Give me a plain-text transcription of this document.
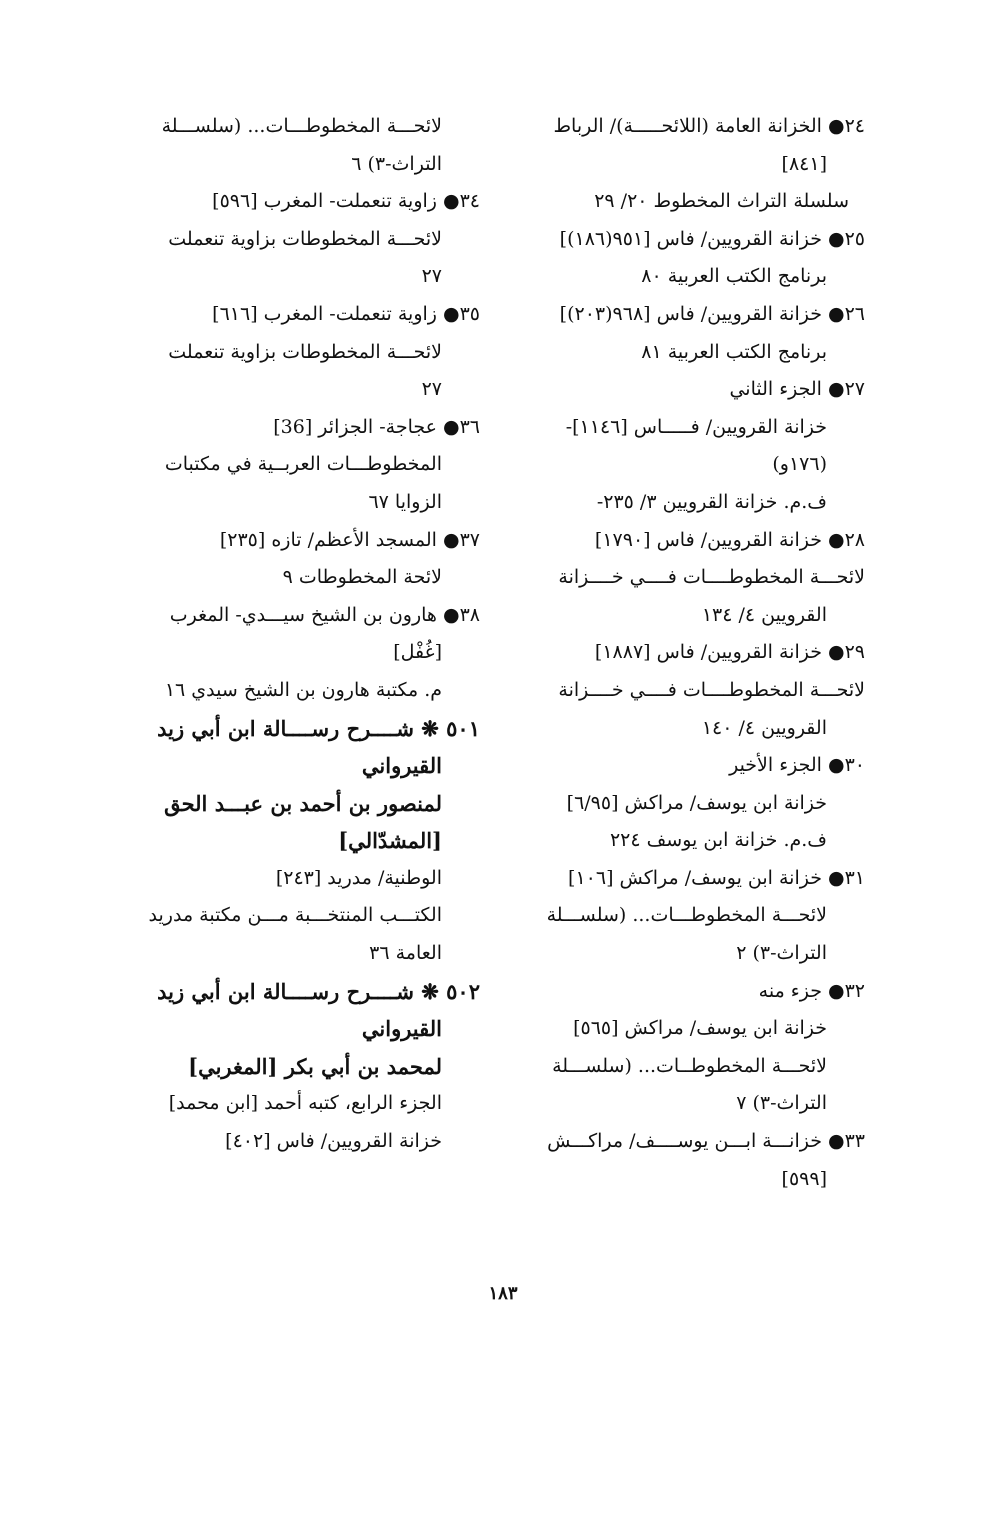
٢٤● الخزانة العامة (اللائحـــــة)/ الرباط
[٨٤١]
سلسلة التراث المخطوط ٢٠/ ٢٩
٢٥● خزانة القرويين/ فاس [٩٥١(١٨٦)]
برنامج الكتب العربية ٨٠
٢٦● خزانة القرويين/ فاس [٩٦٨(٢٠٣)]
برنامج الكتب العربية ٨١
٢٧● الجزء الثاني
خزانة القرويين/ فـــــاس [١١٤٦]-
(١٧٦و)
ف.م. خزانة القرويين ٣/ ٢٣٥-
٢٨● خزانة القرويين/ فاس [١٧٩٠]
لائحـــة المخطوطــــات فــــي خــــزانة
القرويين ٤/ ١٣٤
٢٩● خزانة القرويين/ فاس [١٨٨٧]
لائحـــة المخطوطــــات فــــي خــــزانة
القرويين ٤/ ١٤٠
٣٠● الجزء الأخير
خزانة ابن يوسف/ مراكش [٦/٩٥]
ف.م. خزانة ابن يوسف ٢٢٤
٣١● خزانة ابن يوسف/ مراكش [١٠٦]
لائحـــة المخطوطـــات... (سلســـلة
التراث-٣) ٢
٣٢● جزء منه
خزانة ابن يوسف/ مراكش [٥٦٥]
لائحـــة المخطوطــات... (سلســـلة
التراث-٣) ٧
٣٣● خزانـــة ابـــن يوســــف/ مراكـــش
[٥٩٩]
لائحـــة المخطوطـــات... (سلســـلة
التراث-٣) ٦
٣٤● زاوية تنعملت- المغرب [٥٩٦]
لائحـــة المخطوطات بزاوية تنعملت
٢٧
٣٥● زاوية تنعملت- المغرب [٦١٦]
لائحـــة المخطوطات بزاوية تنعملت
٢٧
٣٦● عجاجة- الجزائر [36]
المخطوطـــات العربــية في مكتبات
الزوايا ٦٧
٣٧● المسجد الأعظم/ تازه [٢٣٥]
لائحة المخطوطات ٩
٣٨● هارون بن الشيخ سيـــدي- المغرب
[غُفْل]
م. مكتبة هارون بن الشيخ سيدي ١٦
٥٠١ ❋ شــــرح رســــالة ابن أبي زيد
القيرواني
لمنصور بن أحمد بن عبـــد الحق
[المشدّالي]
الوطنية/ مدريد [٢٤٣]
الكتـــب المنتخـــبة مـــن مكتبة مدريد
العامة ٣٦
٥٠٢ ❋ شــــرح رســــالة ابن أبي زيد
القيرواني
لمحمد بن أبي بكر [المغربي]
الجزء الرابع، كتبه أحمد [ابن محمد]
خزانة القرويين/ فاس [٤٠٢]
١٨٣
